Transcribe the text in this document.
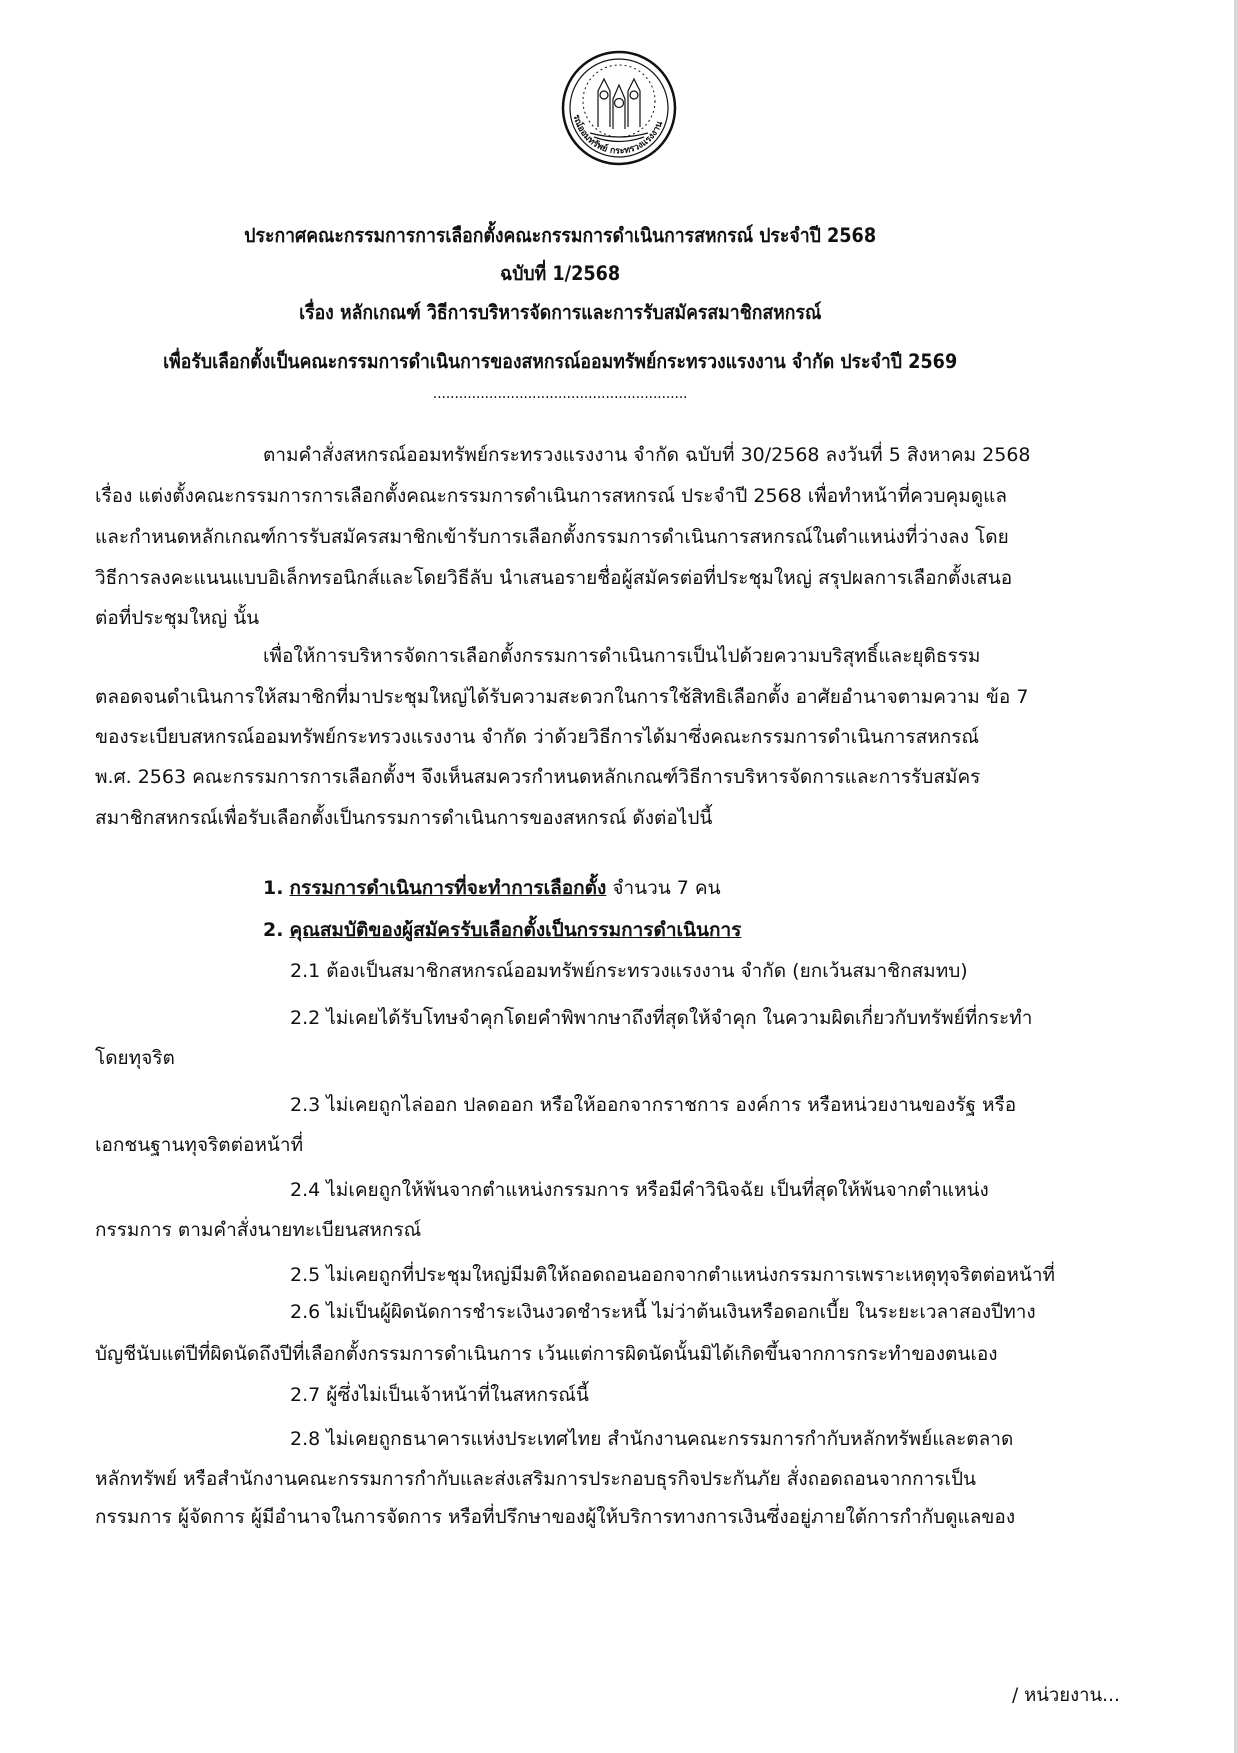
รณ์ออมทรัพย์ กระทรวงแรงงาน
ประกาศคณะกรรมการการเลือกตั้งคณะกรรมการดำเนินการสหกรณ์ ประจำปี 2568
ฉบับที่ 1/2568
เรื่อง หลักเกณฑ์ วิธีการบริหารจัดการและการรับสมัครสมาชิกสหกรณ์
เพื่อรับเลือกตั้งเป็นคณะกรรมการดำเนินการของสหกรณ์ออมทรัพย์กระทรวงแรงงาน จำกัด ประจำปี 2569
...........................................................
ตามคำสั่งสหกรณ์ออมทรัพย์กระทรวงแรงงาน จำกัด ฉบับที่ 30/2568 ลงวันที่ 5 สิงหาคม 2568
เรื่อง แต่งตั้งคณะกรรมการการเลือกตั้งคณะกรรมการดำเนินการสหกรณ์ ประจำปี 2568 เพื่อทำหน้าที่ควบคุมดูแล
และกำหนดหลักเกณฑ์การรับสมัครสมาชิกเข้ารับการเลือกตั้งกรรมการดำเนินการสหกรณ์ในตำแหน่งที่ว่างลง โดย
วิธีการลงคะแนนแบบอิเล็กทรอนิกส์และโดยวิธีลับ นำเสนอรายชื่อผู้สมัครต่อที่ประชุมใหญ่ สรุปผลการเลือกตั้งเสนอ
ต่อที่ประชุมใหญ่ นั้น
เพื่อให้การบริหารจัดการเลือกตั้งกรรมการดำเนินการเป็นไปด้วยความบริสุทธิ์และยุติธรรม
ตลอดจนดำเนินการให้สมาชิกที่มาประชุมใหญ่ได้รับความสะดวกในการใช้สิทธิเลือกตั้ง อาศัยอำนาจตามความ ข้อ 7
ของระเบียบสหกรณ์ออมทรัพย์กระทรวงแรงงาน จำกัด ว่าด้วยวิธีการได้มาซึ่งคณะกรรมการดำเนินการสหกรณ์
พ.ศ. 2563 คณะกรรมการการเลือกตั้งฯ จึงเห็นสมควรกำหนดหลักเกณฑ์วิธีการบริหารจัดการและการรับสมัคร
สมาชิกสหกรณ์เพื่อรับเลือกตั้งเป็นกรรมการดำเนินการของสหกรณ์ ดังต่อไปนี้
1. กรรมการดำเนินการที่จะทำการเลือกตั้ง จำนวน 7 คน
2. คุณสมบัติของผู้สมัครรับเลือกตั้งเป็นกรรมการดำเนินการ
2.1 ต้องเป็นสมาชิกสหกรณ์ออมทรัพย์กระทรวงแรงงาน จำกัด (ยกเว้นสมาชิกสมทบ)
2.2 ไม่เคยได้รับโทษจำคุกโดยคำพิพากษาถึงที่สุดให้จำคุก ในความผิดเกี่ยวกับทรัพย์ที่กระทำ
โดยทุจริต
2.3 ไม่เคยถูกไล่ออก ปลดออก หรือให้ออกจากราชการ องค์การ หรือหน่วยงานของรัฐ หรือ
เอกชนฐานทุจริตต่อหน้าที่
2.4 ไม่เคยถูกให้พ้นจากตำแหน่งกรรมการ หรือมีคำวินิจฉัย เป็นที่สุดให้พ้นจากตำแหน่ง
กรรมการ ตามคำสั่งนายทะเบียนสหกรณ์
2.5 ไม่เคยถูกที่ประชุมใหญ่มีมติให้ถอดถอนออกจากตำแหน่งกรรมการเพราะเหตุทุจริตต่อหน้าที่
2.6 ไม่เป็นผู้ผิดนัดการชำระเงินงวดชำระหนี้ ไม่ว่าต้นเงินหรือดอกเบี้ย ในระยะเวลาสองปีทาง
บัญชีนับแต่ปีที่ผิดนัดถึงปีที่เลือกตั้งกรรมการดำเนินการ เว้นแต่การผิดนัดนั้นมิได้เกิดขึ้นจากการกระทำของตนเอง
2.7 ผู้ซึ่งไม่เป็นเจ้าหน้าที่ในสหกรณ์นี้
2.8 ไม่เคยถูกธนาคารแห่งประเทศไทย สำนักงานคณะกรรมการกำกับหลักทรัพย์และตลาด
หลักทรัพย์ หรือสำนักงานคณะกรรมการกำกับและส่งเสริมการประกอบธุรกิจประกันภัย สั่งถอดถอนจากการเป็น
กรรมการ ผู้จัดการ ผู้มีอำนาจในการจัดการ หรือที่ปรึกษาของผู้ให้บริการทางการเงินซึ่งอยู่ภายใต้การกำกับดูแลของ
/ หน่วยงาน...
